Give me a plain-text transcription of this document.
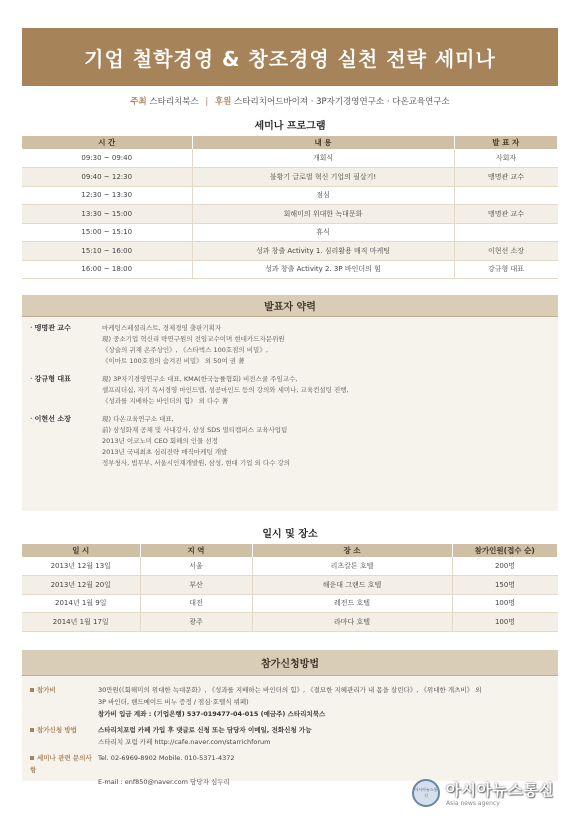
기업 철학경영 & 창조경영 실천 전략 세미나
주최 스타리치북스 | 후원 스타리치어드바이져 · 3P자기경영연구소 · 다온교육연구소
세미나 프로그램
시 간	내 용	발 표 자
09:30 ~ 09:40	개회식	사회자
09:40 ~ 12:30	불황기 글로벌 혁신 기업의 필살기!	맹명관 교수
12:30 ~ 13:30	점심	
13:30 ~ 15:00	회해미의 위대한 녹대문화	맹명관 교수
15:00 ~ 15:10	휴식	
15:10 ~ 16:00	성과 창출 Activity 1. 심리활용 매직 마케팅	이현선 소장
16:00 ~ 18:00	성과 창출 Activity 2. 3P 바인더의 힘	강규형 대표
발표자 약력
· 맹명관 교수	마케팅스페셜리스트, 경제경영 출판기획자
現) 중소기업 혁신리 략연구원의 전임교수이며 현대카드자문위원
《상술의 귀재 온주상인》, 《스타벅스 100호점의 비밀》,
《이마트 100호점의 숨겨진 비밀》 외 50여 권 著
· 강규형 대표	現) 3P자기경영연구소 대표, KMA(한국능률협회) 비전스쿨 주임교수,
셀프리더십, 자기 독서경영 마인드맵, 성공마인드 등의 강의와 세미나, 교육컨설팅 진행,
《성과를 지배하는 바인더의 힘》 외 다수 著
· 이현선 소장	現) 다온교육연구소 대표,
前) 삼성화재 공채 및 사내강사, 삼성 SDS 멀티캠퍼스 교육사업팀
2013년 이코노미 CEO 회해의 인물 선정
2013년 국내최초 심리전략 매직마케팅 개발
정부청사, 법무부, 서울시인재개발원, 삼성, 현대 기업 외 다수 강의
일시 및 장소
일 시	지 역	장 소	참가인원(접수 순)
2013년 12월 13일	서울	리츠칼튼 호텔	200명
2013년 12월 20일	부산	해운대 그랜드 호텔	150명
2014년 1월 9일	대전	레전드 호텔	100명
2014년 1월 17일	광주	라마다 호텔	100명
참가신청방법
참가비	30만원(《회해미의 위대한 녹대문화》, 《성과를 지배하는 바인더의 힘》, 《절묘한 지혜관리가 내 몸을 살린다》, 《위대한 개츠비》 외
3P 바인더, 핸드메이드 비누 증정 / 점심·호텔식 뷔페)
참가비 입금 계좌 : (기업은행) 537-019477-04-015 (예금주) 스타리치북스
참가신청 방법	스타리치포럼 카페 가입 후 댓글로 신청 또는 담당자 이메일, 전화신청 가능
스타리치 포럼 카페 http://cafe.naver.com/starrichforum
세미나 관련 문의사항
Tel. 02-6969-8902 Mobile. 010-5371-4372
E-mail : enf850@naver.com 담당자 심두리
아시아뉴스통신	아시아뉴스통신
Asia news agency
